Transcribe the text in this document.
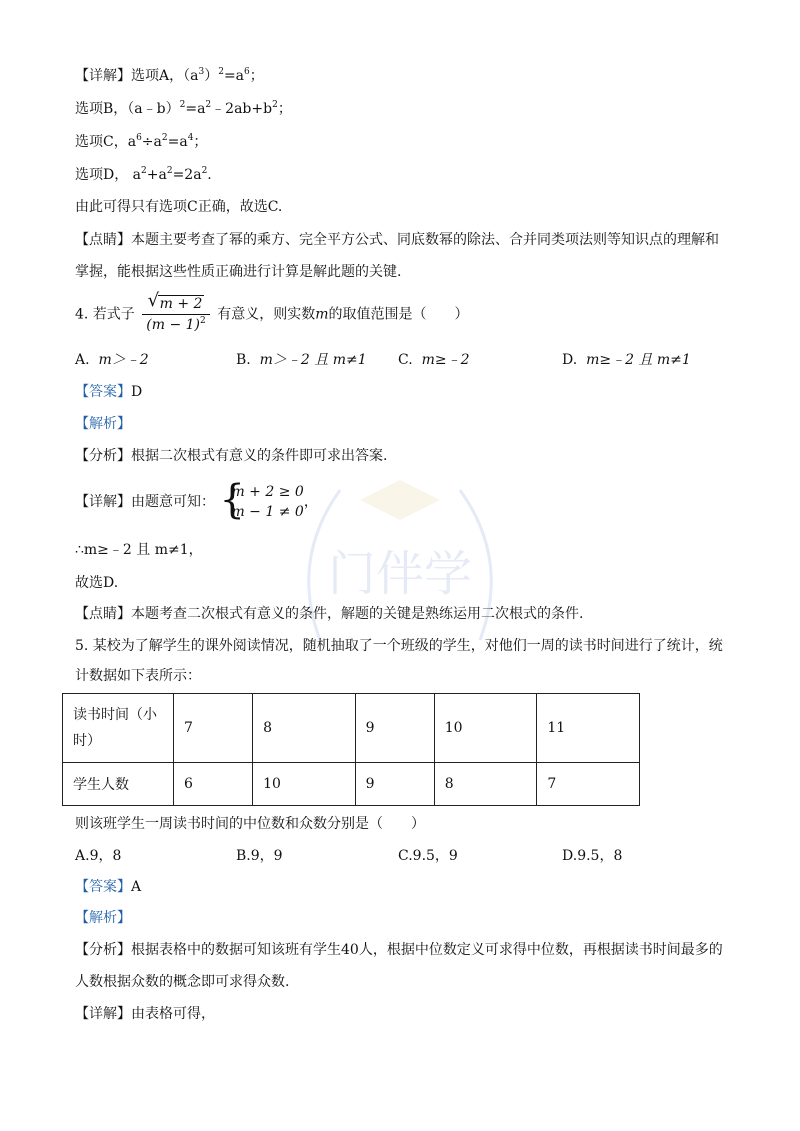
门伴学
【详解】选项A，$(a^3)^2=a^6$；
选项B，$(a﹣b)^2=a^2﹣2ab+b^2$；
选项C，$a^6\div a^2=a^4$；
选项D， $a^2+a^2=2a^2$.
由此可得只有选项C正确，故选C.
【点睛】本题主要考查了幂的乘方、完全平方公式、同底数幂的除法、合并同类项法则等知识点的理解和
掌握，能根据这些性质正确进行计算是解此题的关键.
4. 若式子 $\frac{√ m + 2}{(m - 1)^2}$ 有意义，则实数m的取值范围是（　　）
A. m＞﹣2	B. m＞﹣2 且 m≠1 C. m≥﹣2	D. m≥﹣2 且 m≠1
【答案】D
【解析】
【分析】根据二次根式有意义的条件即可求出答案.
【详解】由题意可知： {
m + 2 ≥ 0
m − 1 ≠ 0
，
∴m≥﹣2 且 m≠1，
故选D.
【点睛】本题考查二次根式有意义的条件，解题的关键是熟练运用二次根式的条件.
5. 某校为了解学生的课外阅读情况，随机抽取了一个班级的学生，对他们一周的读书时间进行了统计，统
计数据如下表所示：
读书时间（小时）	7	8	9	10	11
学生人数	6	10	9	8	7
则该班学生一周读书时间的中位数和众数分别是（　　）
A.9，8	B.9，9	C.9.5，9	D.9.5，8
【答案】A
【解析】
【分析】根据表格中的数据可知该班有学生40人，根据中位数定义可求得中位数，再根据读书时间最多的
人数根据众数的概念即可求得众数.
【详解】由表格可得，
